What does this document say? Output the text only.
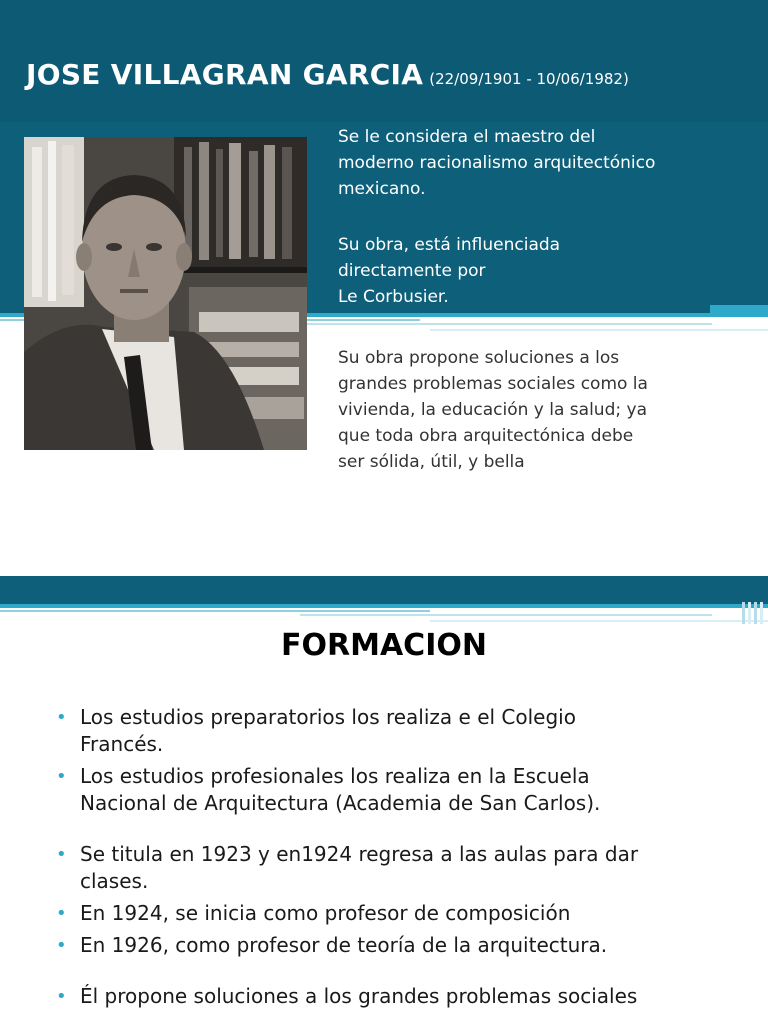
JOSE VILLAGRAN GARCIA (22/09/1901 - 10/06/1982)
Se le considera el maestro del
moderno racionalismo arquitectónico
mexicano.
Su obra, está influenciada
directamente por
Le Corbusier.
Su obra propone soluciones a los
grandes problemas sociales como la
vivienda, la educación y la salud; ya
que toda obra arquitectónica debe
ser sólida, útil, y bella
FORMACION
• Los estudios preparatorios los realiza e el Colegio
Francés.
• Los estudios profesionales los realiza en la Escuela
Nacional de Arquitectura (Academia de San Carlos).
• Se titula en 1923 y en1924 regresa a las aulas para dar
clases.
• En 1924, se inicia como profesor de composición
• En 1926, como profesor de teoría de la arquitectura.
• Él propone soluciones a los grandes problemas sociales
